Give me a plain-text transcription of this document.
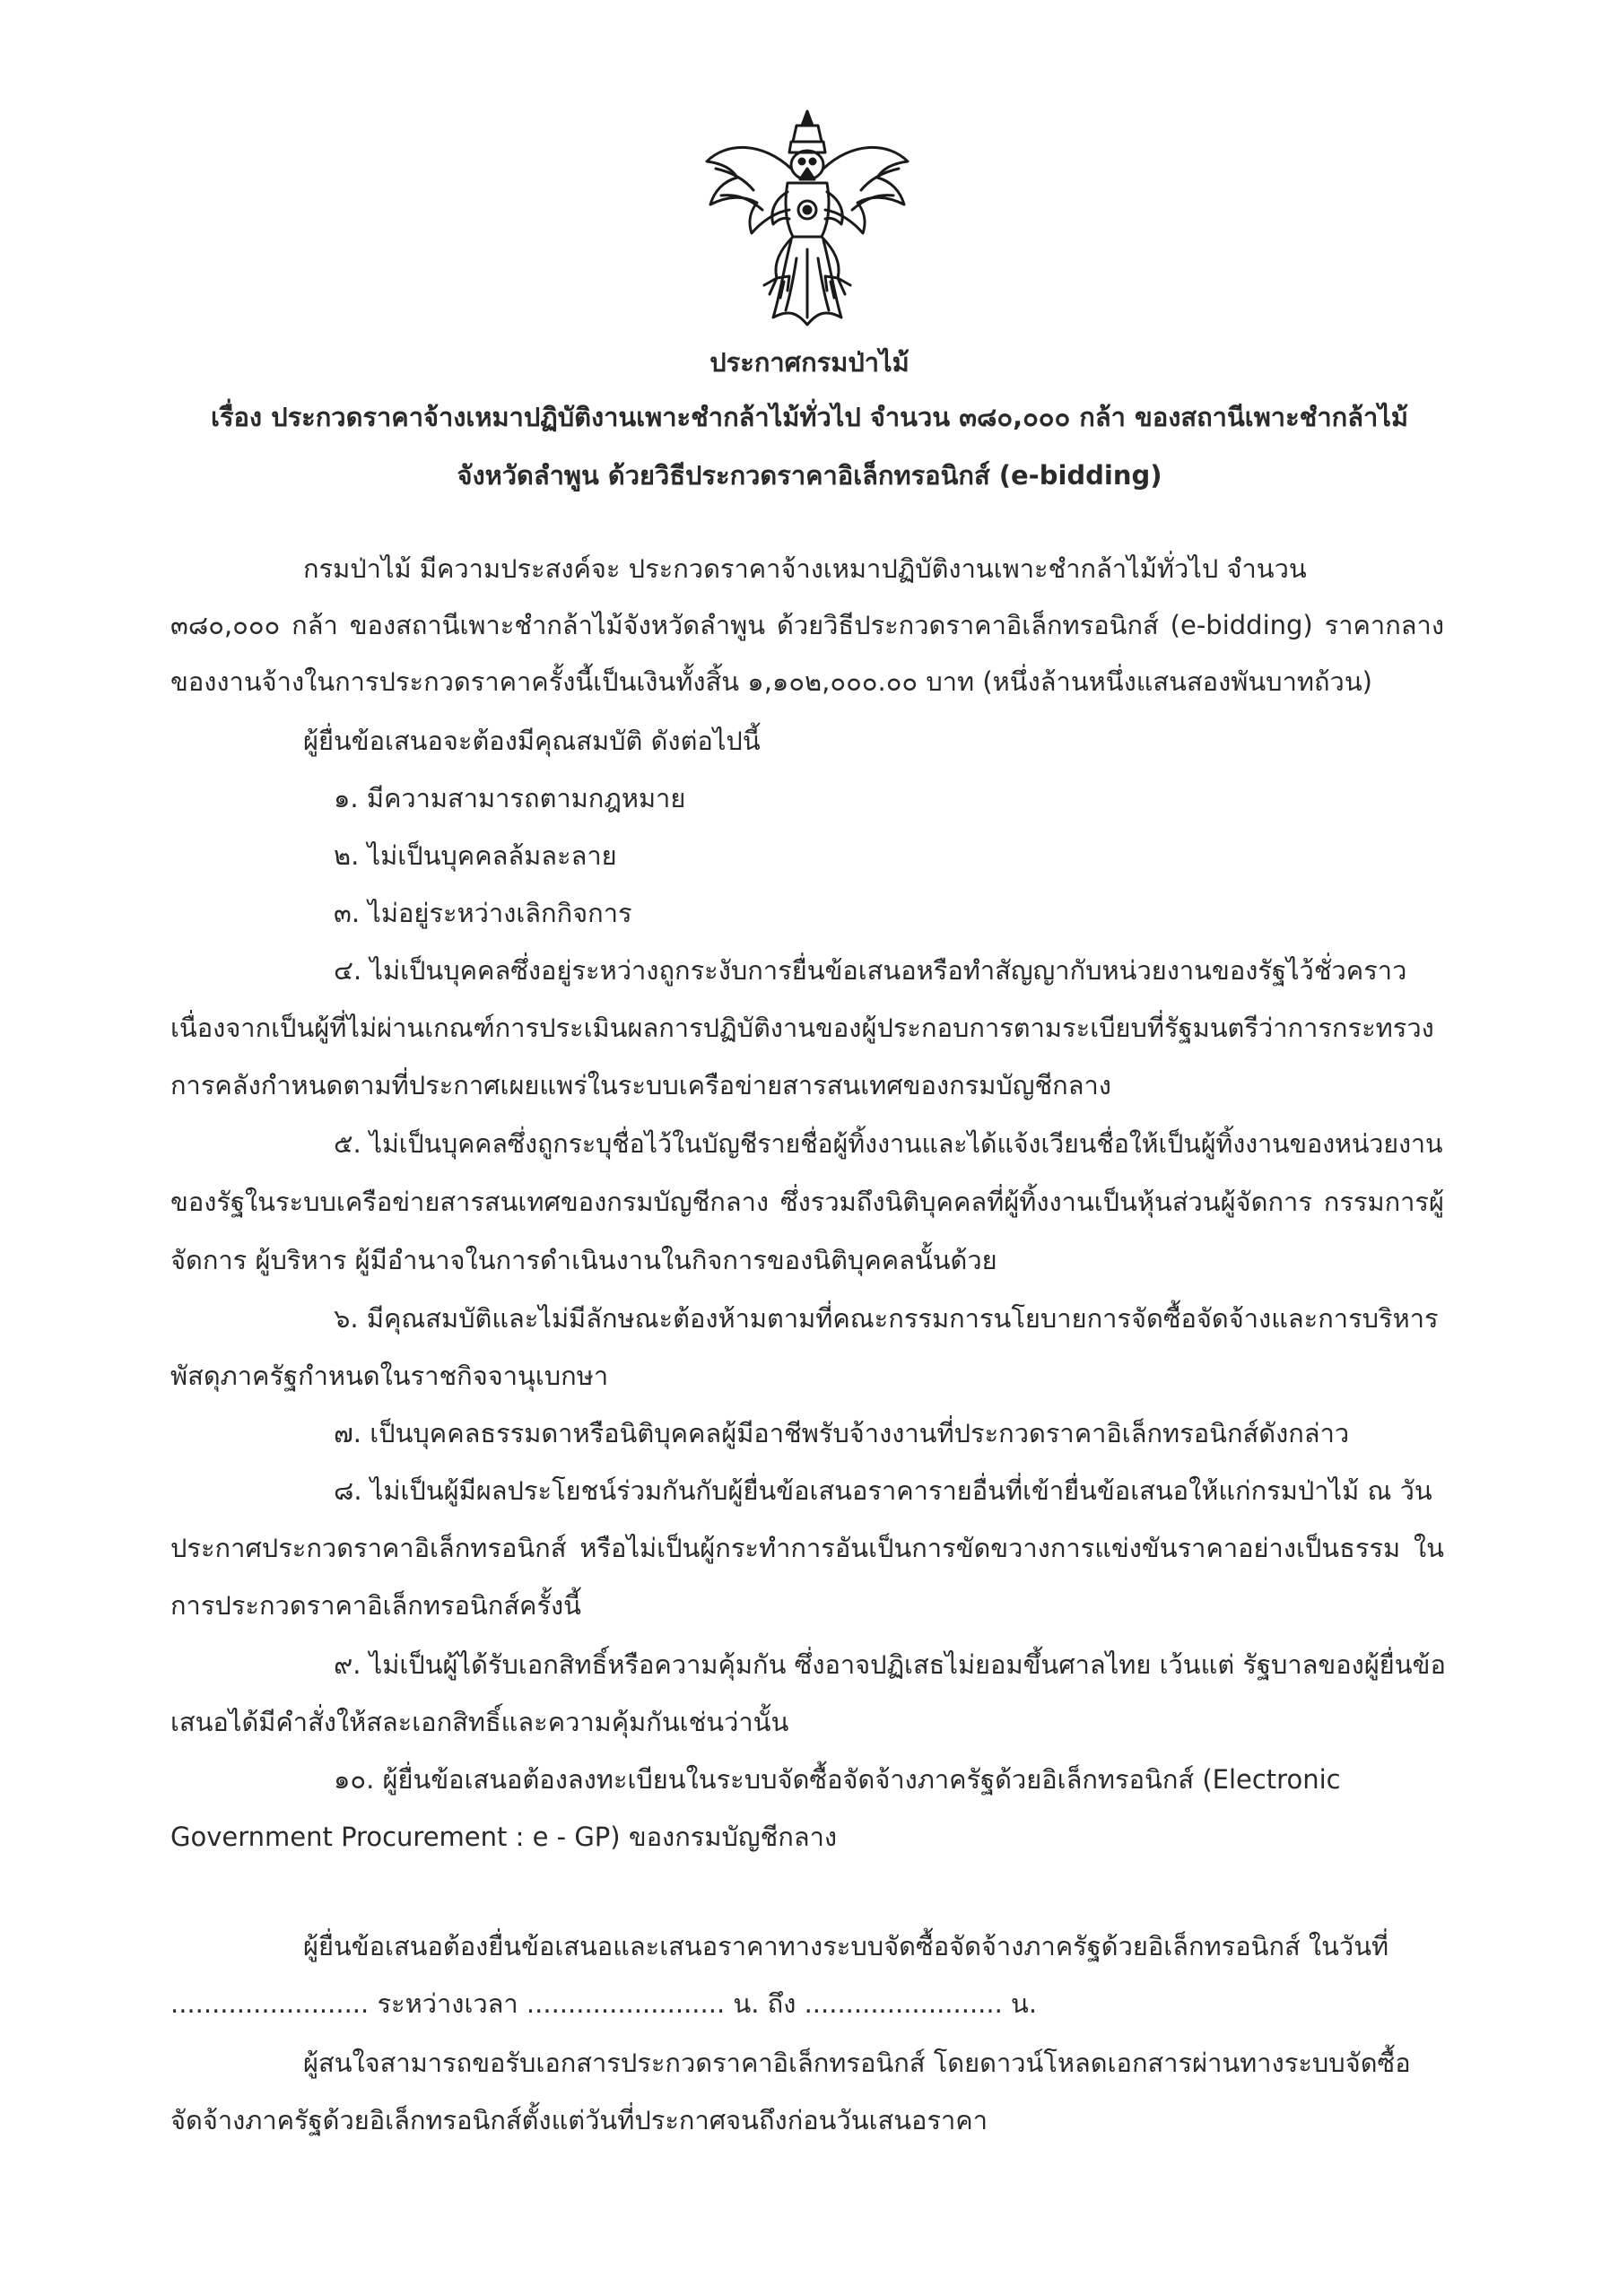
ประกาศกรมป่าไม้
เรื่อง ประกวดราคาจ้างเหมาปฏิบัติงานเพาะชำกล้าไม้ทั่วไป จำนวน ๓๘๐,๐๐๐ กล้า ของสถานีเพาะชำกล้าไม้
จังหวัดลำพูน ด้วยวิธีประกวดราคาอิเล็กทรอนิกส์ (e-bidding)
กรมป่าไม้ มีความประสงค์จะ ประกวดราคาจ้างเหมาปฏิบัติงานเพาะชำกล้าไม้ทั่วไป จำนวน
๓๘๐,๐๐๐ กล้า ของสถานีเพาะชำกล้าไม้จังหวัดลำพูน ด้วยวิธีประกวดราคาอิเล็กทรอนิกส์ (e-bidding) ราคากลาง
ของงานจ้างในการประกวดราคาครั้งนี้เป็นเงินทั้งสิ้น ๑,๑๐๒,๐๐๐.๐๐ บาท (หนึ่งล้านหนึ่งแสนสองพันบาทถ้วน)
ผู้ยื่นข้อเสนอจะต้องมีคุณสมบัติ ดังต่อไปนี้
๑. มีความสามารถตามกฎหมาย
๒. ไม่เป็นบุคคลล้มละลาย
๓. ไม่อยู่ระหว่างเลิกกิจการ
๔. ไม่เป็นบุคคลซึ่งอยู่ระหว่างถูกระงับการยื่นข้อเสนอหรือทำสัญญากับหน่วยงานของรัฐไว้ชั่วคราว
เนื่องจากเป็นผู้ที่ไม่ผ่านเกณฑ์การประเมินผลการปฏิบัติงานของผู้ประกอบการตามระเบียบที่รัฐมนตรีว่าการกระทรวง
การคลังกำหนดตามที่ประกาศเผยแพร่ในระบบเครือข่ายสารสนเทศของกรมบัญชีกลาง
๕. ไม่เป็นบุคคลซึ่งถูกระบุชื่อไว้ในบัญชีรายชื่อผู้ทิ้งงานและได้แจ้งเวียนชื่อให้เป็นผู้ทิ้งงานของหน่วยงาน
ของรัฐในระบบเครือข่ายสารสนเทศของกรมบัญชีกลาง ซึ่งรวมถึงนิติบุคคลที่ผู้ทิ้งงานเป็นหุ้นส่วนผู้จัดการ กรรมการผู้
จัดการ ผู้บริหาร ผู้มีอำนาจในการดำเนินงานในกิจการของนิติบุคคลนั้นด้วย
๖. มีคุณสมบัติและไม่มีลักษณะต้องห้ามตามที่คณะกรรมการนโยบายการจัดซื้อจัดจ้างและการบริหาร
พัสดุภาครัฐกำหนดในราชกิจจานุเบกษา
๗. เป็นบุคคลธรรมดาหรือนิติบุคคลผู้มีอาชีพรับจ้างงานที่ประกวดราคาอิเล็กทรอนิกส์ดังกล่าว
๘. ไม่เป็นผู้มีผลประโยชน์ร่วมกันกับผู้ยื่นข้อเสนอราคารายอื่นที่เข้ายื่นข้อเสนอให้แก่กรมป่าไม้ ณ วัน
ประกาศประกวดราคาอิเล็กทรอนิกส์ หรือไม่เป็นผู้กระทำการอันเป็นการขัดขวางการแข่งขันราคาอย่างเป็นธรรม ใน
การประกวดราคาอิเล็กทรอนิกส์ครั้งนี้
๙. ไม่เป็นผู้ได้รับเอกสิทธิ์หรือความคุ้มกัน ซึ่งอาจปฏิเสธไม่ยอมขึ้นศาลไทย เว้นแต่ รัฐบาลของผู้ยื่นข้อ
เสนอได้มีคำสั่งให้สละเอกสิทธิ์และความคุ้มกันเช่นว่านั้น
๑๐. ผู้ยื่นข้อเสนอต้องลงทะเบียนในระบบจัดซื้อจัดจ้างภาครัฐด้วยอิเล็กทรอนิกส์ (Electronic
Government Procurement : e - GP) ของกรมบัญชีกลาง
ผู้ยื่นข้อเสนอต้องยื่นข้อเสนอและเสนอราคาทางระบบจัดซื้อจัดจ้างภาครัฐด้วยอิเล็กทรอนิกส์ ในวันที่
........................ ระหว่างเวลา ........................ น. ถึง ........................ น.
ผู้สนใจสามารถขอรับเอกสารประกวดราคาอิเล็กทรอนิกส์ โดยดาวน์โหลดเอกสารผ่านทางระบบจัดซื้อ
จัดจ้างภาครัฐด้วยอิเล็กทรอนิกส์ตั้งแต่วันที่ประกาศจนถึงก่อนวันเสนอราคา
